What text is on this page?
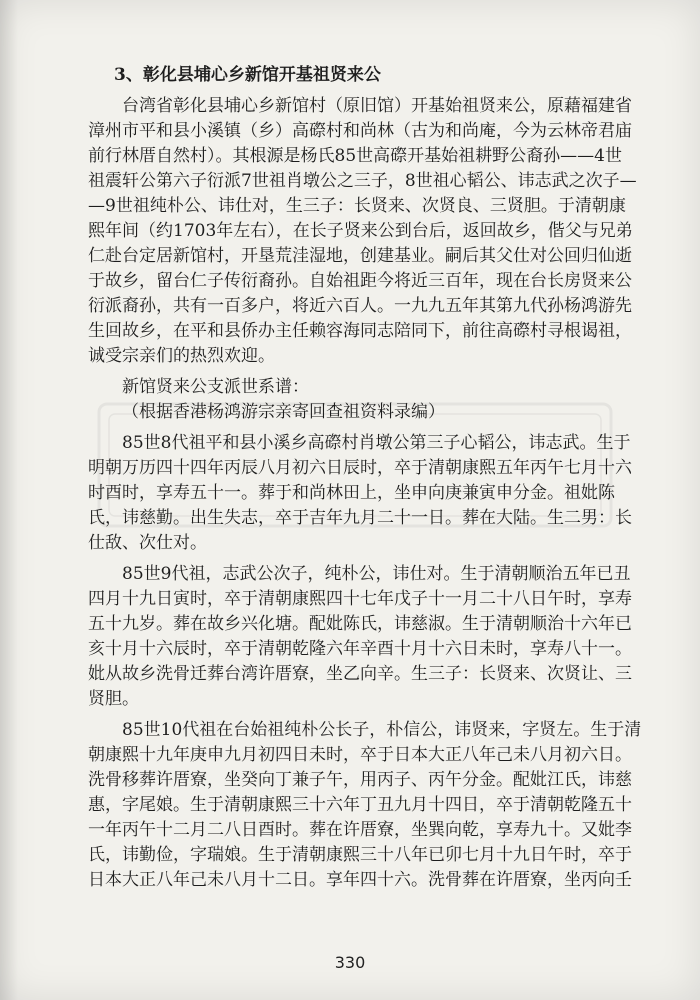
3、彰化县埔心乡新馆开基祖贤来公
台湾省彰化县埔心乡新馆村（原旧馆）开基始祖贤来公，原藉福建省
漳州市平和县小溪镇（乡）高磜村和尚林（古为和尚庵，今为云林帝君庙
前行林厝自然村）。其根源是杨氏85世高磜开基始祖耕野公裔孙——4世
祖震轩公第六子衍派7世祖肖墩公之三子，8世祖心韬公、讳志武之次子—
—9世祖纯朴公、讳仕对，生三子：长贤来、次贤良、三贤胆。于清朝康
熙年间（约1703年左右），在长子贤来公到台后，返回故乡，偕父与兄弟
仁赴台定居新馆村，开垦荒洼湿地，创建基业。嗣后其父仕对公回归仙逝
于故乡，留台仁子传衍裔孙。自始祖距今将近三百年，现在台长房贤来公
衍派裔孙，共有一百多户，将近六百人。一九九五年其第九代孙杨鸿游先
生回故乡，在平和县侨办主任赖容海同志陪同下，前往高磜村寻根谒祖，
诚受宗亲们的热烈欢迎。
新馆贤来公支派世系谱：
（根据香港杨鸿游宗亲寄回查祖资料录编）
85世8代祖平和县小溪乡高磜村肖墩公第三子心韬公，讳志武。生于
明朝万历四十四年丙辰八月初六日辰时，卒于清朝康熙五年丙午七月十六
时酉时，享寿五十一。葬于和尚林田上，坐申向庚兼寅申分金。祖妣陈
氏，讳慈勤。出生失志，卒于吉年九月二十一日。葬在大陆。生二男：长
仕敌、次仕对。
85世9代祖，志武公次子，纯朴公，讳仕对。生于清朝顺治五年已丑
四月十九日寅时，卒于清朝康熙四十七年戊子十一月二十八日午时，享寿
五十九岁。葬在故乡兴化塘。配妣陈氏，讳慈淑。生于清朝顺治十六年已
亥十月十六辰时，卒于清朝乾隆六年辛酉十月十六日未时，享寿八十一。
妣从故乡洗骨迁葬台湾许厝寮，坐乙向辛。生三子：长贤来、次贤让、三
贤胆。
85世10代祖在台始祖纯朴公长子，朴信公，讳贤来，字贤左。生于清
朝康熙十九年庚申九月初四日未时，卒于日本大正八年己未八月初六日。
洗骨移葬许厝寮，坐癸向丁兼子午，用丙子、丙午分金。配妣江氏，讳慈
惠，字尾娘。生于清朝康熙三十六年丁丑九月十四日，卒于清朝乾隆五十
一年丙午十二月二八日酉时。葬在许厝寮，坐巽向乾，享寿九十。又妣李
氏，讳勤俭，字瑞娘。生于清朝康熙三十八年已卯七月十九日午时，卒于
日本大正八年己未八月十二日。享年四十六。洗骨葬在许厝寮，坐丙向壬
330
